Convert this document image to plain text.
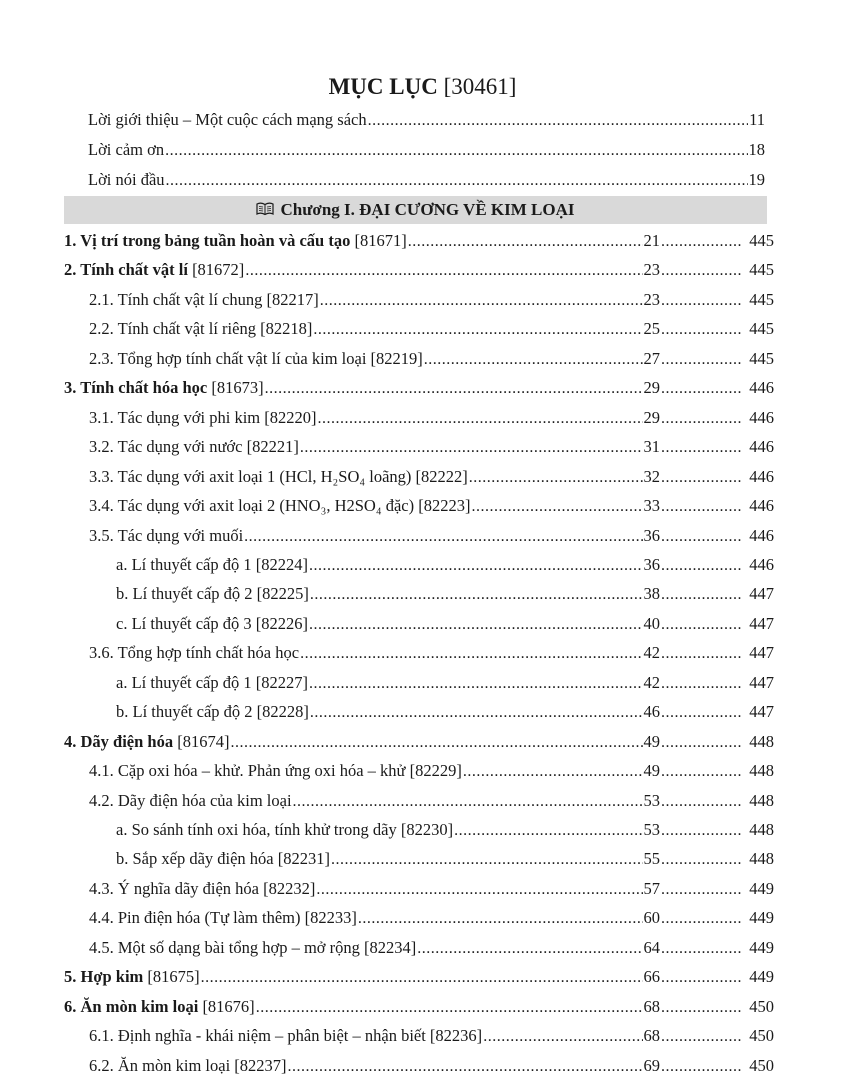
MỤC LỤC [30461]
Lời giới thiệu – Một cuộc cách mạng sách .....	11
Lời cảm ơn .....	18
Lời nói đầu .....	19
Chương I. ĐẠI CƯƠNG VỀ KIM LOẠI
1. Vị trí trong bảng tuần hoàn và cấu tạo [81671] .....	21 .....	445
2. Tính chất vật lí [81672] .....	23 .....	445
2.1. Tính chất vật lí chung [82217] .....	23 .....	445
2.2. Tính chất vật lí riêng [82218] .....	25 .....	445
2.3. Tổng hợp tính chất vật lí của kim loại [82219] .....	27 .....	445
3. Tính chất hóa học [81673] .....	29 .....	446
3.1. Tác dụng với phi kim [82220] .....	29 .....	446
3.2. Tác dụng với nước [82221] .....	31 .....	446
3.3. Tác dụng với axit loại 1 (HCl, H₂SO₄ loãng) [82222] .....	32 .....	446
3.4. Tác dụng với axit loại 2 (HNO₃, H2SO₄ đặc) [82223] .....	33 .....	446
3.5. Tác dụng với muối .....	36 .....	446
a. Lí thuyết cấp độ 1 [82224] .....	36 .....	446
b. Lí thuyết cấp độ 2 [82225] .....	38 .....	447
c. Lí thuyết cấp độ 3 [82226] .....	40 .....	447
3.6. Tổng hợp tính chất hóa học .....	42 .....	447
a. Lí thuyết cấp độ 1 [82227] .....	42 .....	447
b. Lí thuyết cấp độ 2 [82228] .....	46 .....	447
4. Dãy điện hóa [81674] .....	49 .....	448
4.1. Cặp oxi hóa – khử. Phản ứng oxi hóa – khử [82229] .....	49 .....	448
4.2. Dãy điện hóa của kim loại .....	53 .....	448
a. So sánh tính oxi hóa, tính khử trong dãy [82230] .....	53 .....	448
b. Sắp xếp dãy điện hóa [82231] .....	55 .....	448
4.3. Ý nghĩa dãy điện hóa [82232] .....	57 .....	449
4.4. Pin điện hóa (Tự làm thêm) [82233] .....	60 .....	449
4.5. Một số dạng bài tổng hợp – mở rộng [82234] .....	64 .....	449
5. Hợp kim [81675] .....	66 .....	449
6. Ăn mòn kim loại [81676] .....	68 .....	450
6.1. Định nghĩa - khái niệm – phân biệt – nhận biết [82236] .....	68 .....	450
6.2. Ăn mòn kim loại [82237] .....	69 .....	450
